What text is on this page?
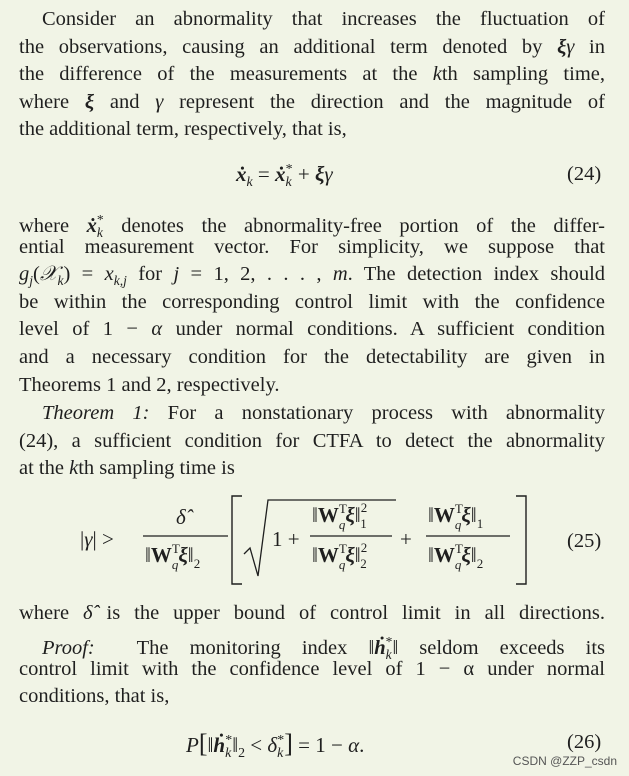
Consider an abnormality that increases the fluctuation of
the observations, causing an additional term denoted by ξγ in
the difference of the measurements at the kth sampling time,
where ξ and γ represent the direction and the magnitude of
the additional term, respectively, that is,
ẋ$_k$ = ẋ$_k$* + ξγ	(24)
where ẋ$_k$* denotes the abnormality-free portion of the differ-
ential measurement vector. For simplicity, we suppose that
$g_j(𝒳_k) = x_{k,j}$ for j = 1, 2, . . . , m. The detection index should
be within the corresponding control limit with the confidence
level of 1 − α under normal conditions. A sufficient condition
and a necessary condition for the detectability are given in
Theorems 1 and 2, respectively.
Theorem 1: For a nonstationary process with abnormality
(24), a sufficient condition for CTFA to detect the abnormality
at the kth sampling time is
|γ| >
δ̂
$‖W^T$ $q\xi‖_2$
1 +
$‖W^T$ qξ‖$^2$ 1
$‖W^T$ qξ‖$^2$ 2
+
$‖W^T$ $q\xi‖_1$
$‖W^T$ $q\xi‖_2$
(25)
where δ̂ is the upper bound of control limit in all directions.
Proof:  The monitoring index ‖ḣ$_k$*‖ seldom exceeds its
control limit with the confidence level of 1 − α under normal
conditions, that is,
$P[‖ḣ_k^*‖_2 < \delta_k^*] = 1 - \alpha$.	(26)
CSDN @ZZP_csdn
